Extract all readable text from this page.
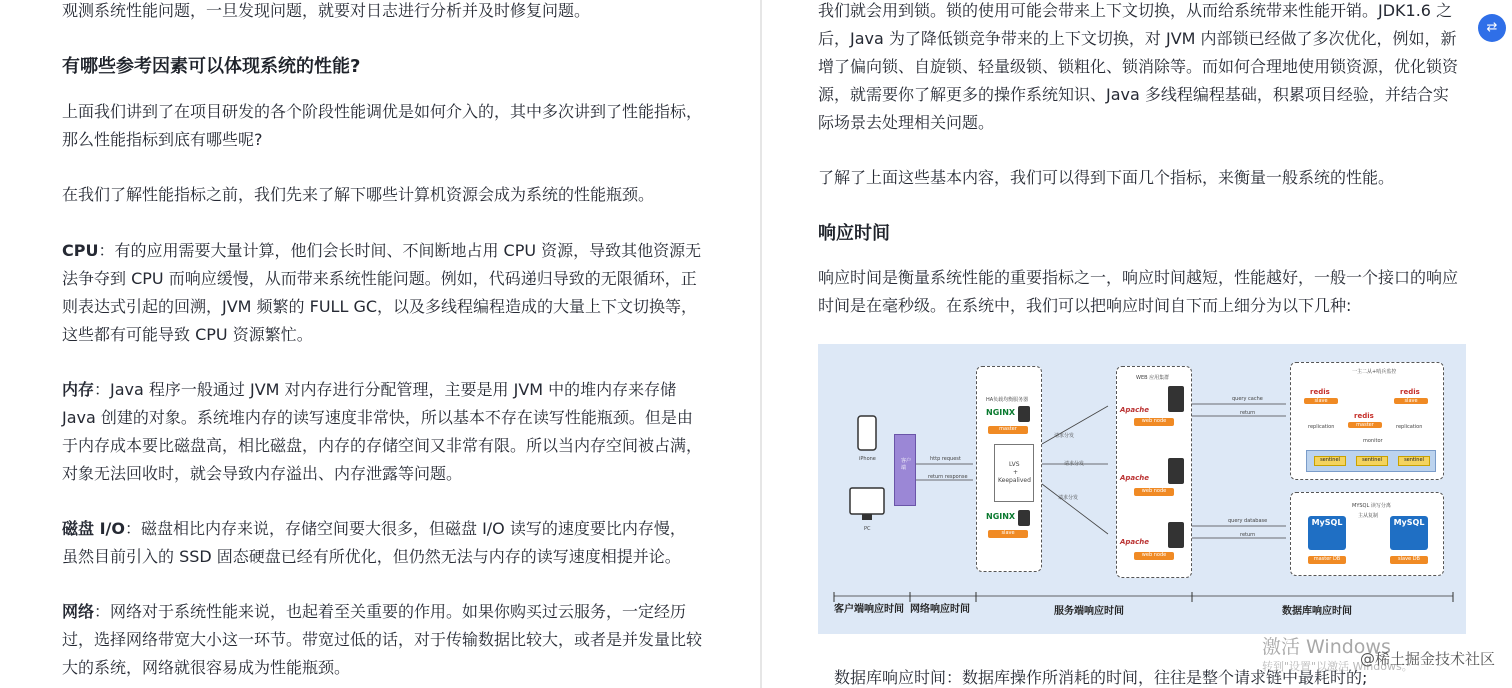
观测系统性能问题，一旦发现问题，就要对日志进行分析并及时修复问题。
有哪些参考因素可以体现系统的性能?
上面我们讲到了在项目研发的各个阶段性能调优是如何介入的，其中多次讲到了性能指标，
那么性能指标到底有哪些呢?
在我们了解性能指标之前，我们先来了解下哪些计算机资源会成为系统的性能瓶颈。
CPU：有的应用需要大量计算，他们会长时间、不间断地占用 CPU 资源，导致其他资源无
法争夺到 CPU 而响应缓慢，从而带来系统性能问题。例如，代码递归导致的无限循环，正
则表达式引起的回溯，JVM 频繁的 FULL GC，以及多线程编程造成的大量上下文切换等，
这些都有可能导致 CPU 资源繁忙。
内存：Java 程序一般通过 JVM 对内存进行分配管理，主要是用 JVM 中的堆内存来存储
Java 创建的对象。系统堆内存的读写速度非常快，所以基本不存在读写性能瓶颈。但是由
于内存成本要比磁盘高，相比磁盘，内存的存储空间又非常有限。所以当内存空间被占满，
对象无法回收时，就会导致内存溢出、内存泄露等问题。
磁盘 I/O：磁盘相比内存来说，存储空间要大很多，但磁盘 I/O 读写的速度要比内存慢，
虽然目前引入的 SSD 固态硬盘已经有所优化，但仍然无法与内存的读写速度相提并论。
网络：网络对于系统性能来说，也起着至关重要的作用。如果你购买过云服务，一定经历
过，选择网络带宽大小这一环节。带宽过低的话，对于传输数据比较大，或者是并发量比较
大的系统，网络就很容易成为性能瓶颈。
我们就会用到锁。锁的使用可能会带来上下文切换，从而给系统带来性能开销。JDK1.6 之
后，Java 为了降低锁竞争带来的上下文切换，对 JVM 内部锁已经做了多次优化，例如，新
增了偏向锁、自旋锁、轻量级锁、锁粗化、锁消除等。而如何合理地使用锁资源，优化锁资
源，就需要你了解更多的操作系统知识、Java 多线程编程基础，积累项目经验，并结合实
际场景去处理相关问题。
了解了上面这些基本内容，我们可以得到下面几个指标，来衡量一般系统的性能。
响应时间
响应时间是衡量系统性能的重要指标之一，响应时间越短，性能越好，一般一个接口的响应
时间是在毫秒级。在系统中，我们可以把响应时间自下而上细分为以下几种:
数据库响应时间：数据库操作所消耗的时间，往往是整个请求链中最耗时的;
⇄
iPhone
PC
客户端
http request
return response
HA负载均衡服务器
NGINX
master
LVS
+
Keepalived
NGINX
slave
请求分发
请求分发
请求分发
WEB 应用集群
Apache
web node
Apache
web node
Apache
web node
query cache
return
query database
return
一主二从+哨兵监控
redis
slave
redis
slave
redis
master
replication	replication
monitor
sentinel	sentinel	sentinel
MYSQL 读写分离
主从复制
MySQL
master DB
MySQL
slave DB
客户端响应时间 网络响应时间	服务端响应时间	数据库响应时间
激活 Windows
转到"设置"以激活 Windows。
@稀土掘金技术社区
